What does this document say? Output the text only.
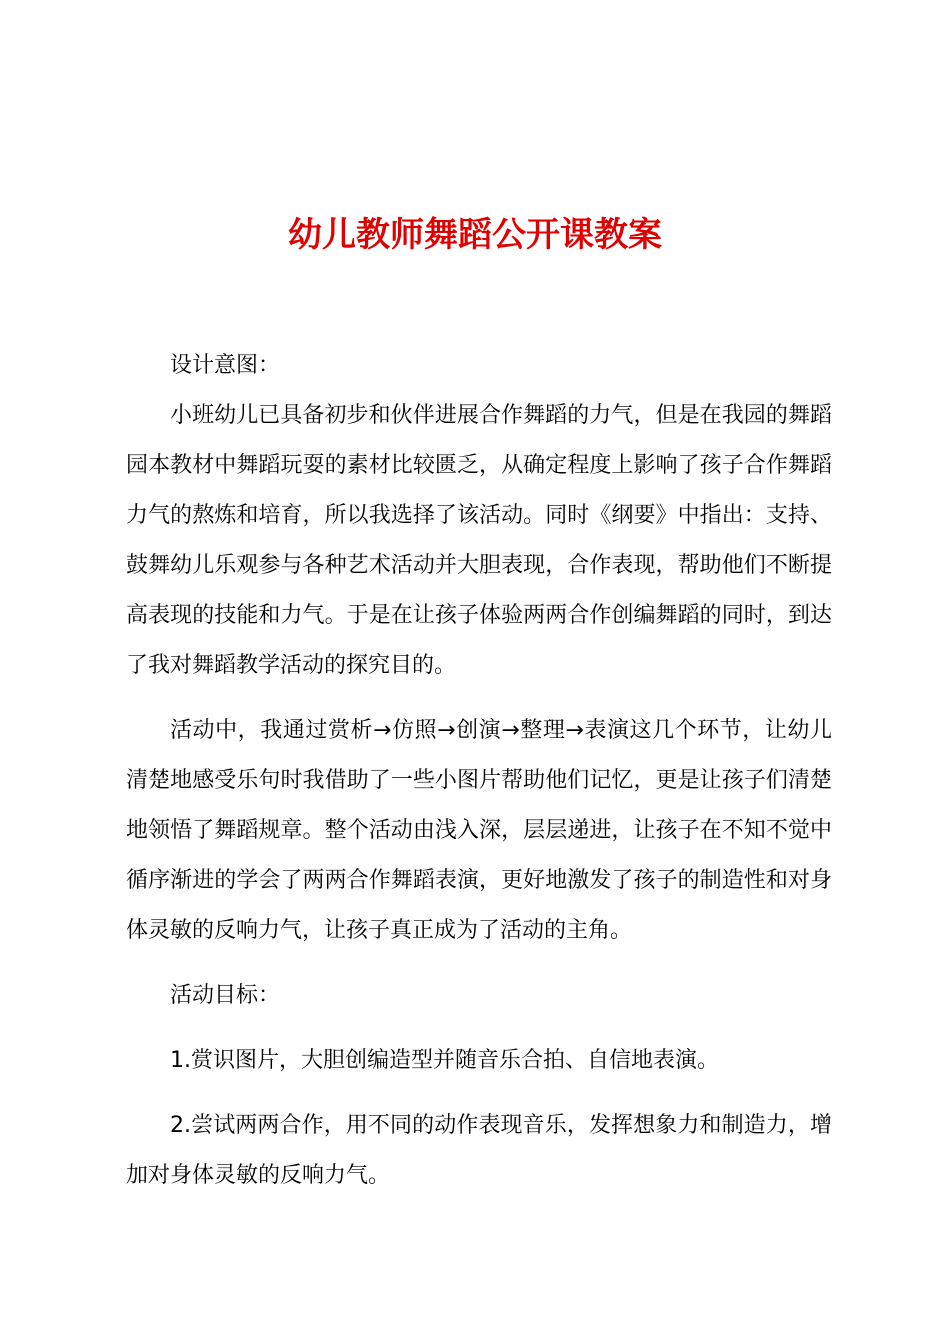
幼儿教师舞蹈公开课教案

设计意图：

小班幼儿已具备初步和伙伴进展合作舞蹈的力气，但是在我园的舞蹈园本教材中舞蹈玩耍的素材比较匮乏，从确定程度上影响了孩子合作舞蹈力气的熬炼和培育，所以我选择了该活动。同时《纲要》中指出：支持、鼓舞幼儿乐观参与各种艺术活动并大胆表现，合作表现，帮助他们不断提高表现的技能和力气。于是在让孩子体验两两合作创编舞蹈的同时，到达了我对舞蹈教学活动的探究目的。

活动中，我通过赏析→仿照→创演→整理→表演这几个环节，让幼儿清楚地感受乐句时我借助了一些小图片帮助他们记忆，更是让孩子们清楚地领悟了舞蹈规章。整个活动由浅入深，层层递进，让孩子在不知不觉中循序渐进的学会了两两合作舞蹈表演，更好地激发了孩子的制造性和对身体灵敏的反响力气，让孩子真正成为了活动的主角。

活动目标：

1.赏识图片，大胆创编造型并随音乐合拍、自信地表演。

2.尝试两两合作，用不同的动作表现音乐，发挥想象力和制造力，增加对身体灵敏的反响力气。
